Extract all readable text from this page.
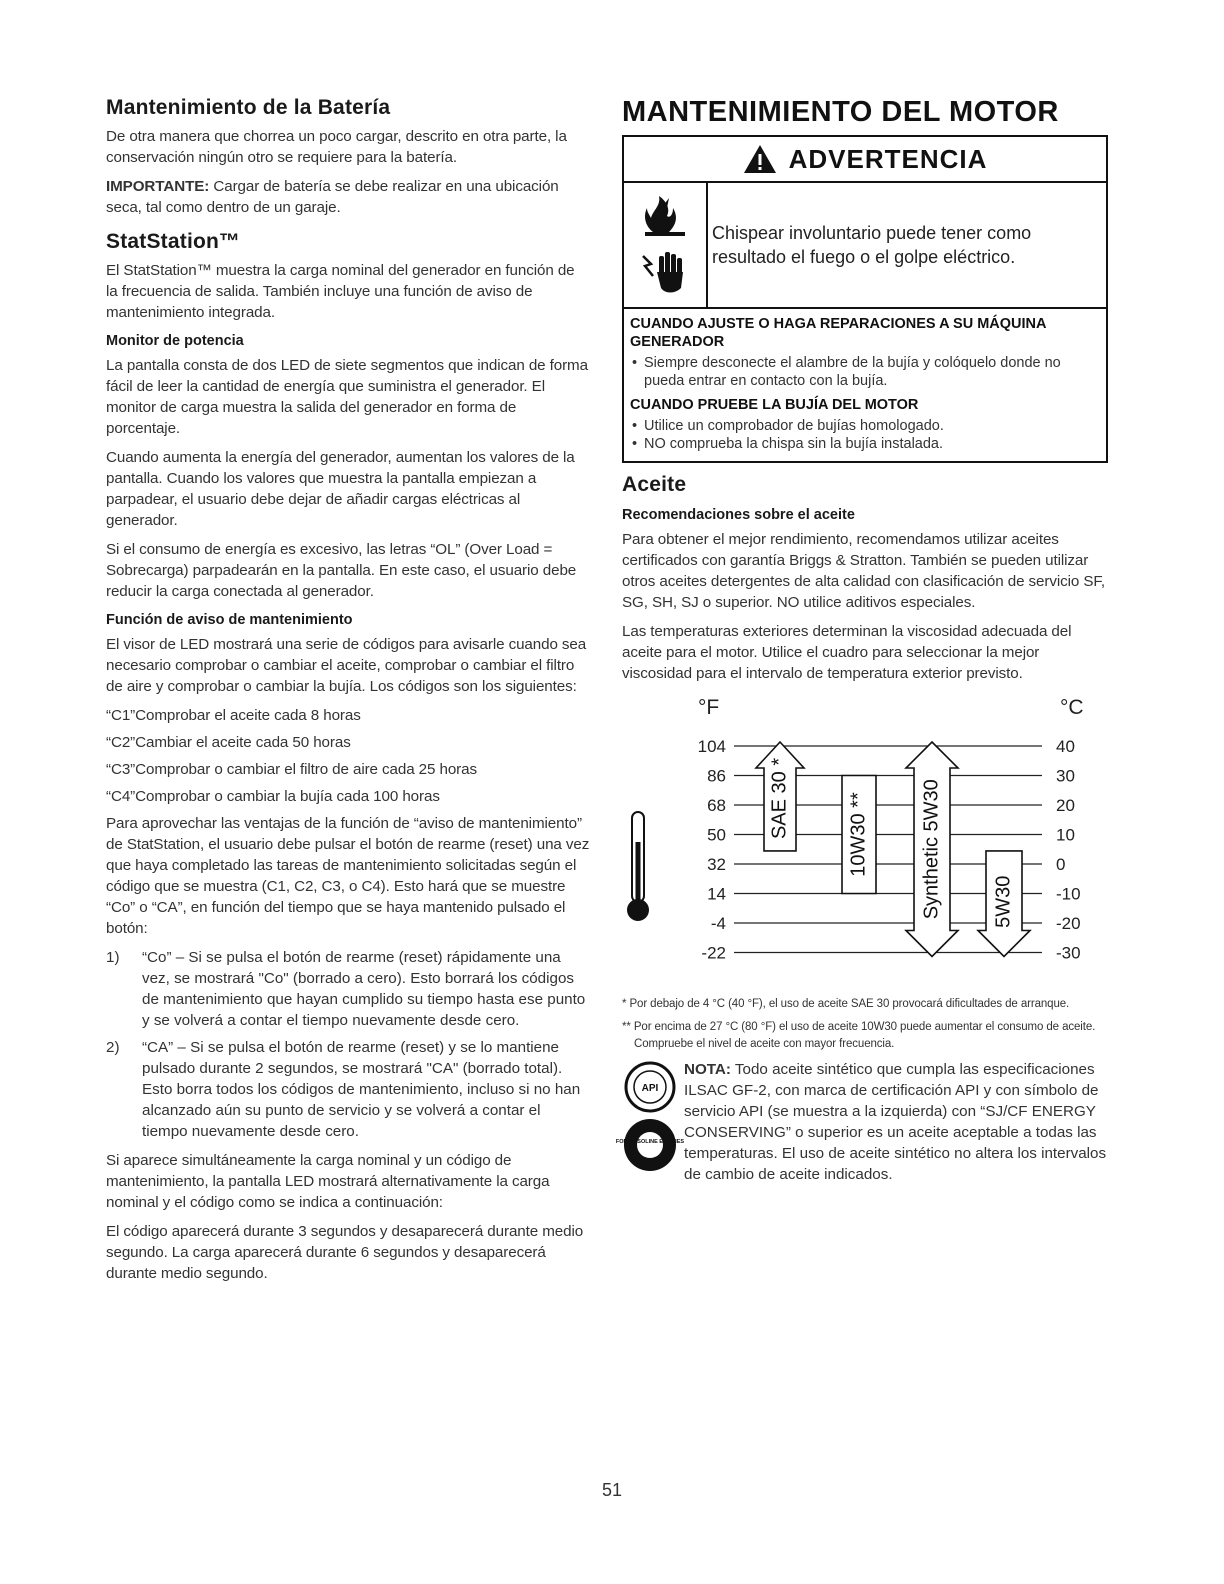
Mantenimiento de la Batería

De otra manera que chorrea un poco cargar, descrito en otra parte, la conservación ningún otro se requiere para la batería.

IMPORTANTE: Cargar de batería se debe realizar en una ubicación seca, tal como dentro de un garaje.

StatStation™

El StatStation™ muestra la carga nominal del generador en función de la frecuencia de salida. También incluye una función de aviso de mantenimiento integrada.

Monitor de potencia

La pantalla consta de dos LED de siete segmentos que indican de forma fácil de leer la cantidad de energía que suministra el generador. El monitor de carga muestra la salida del generador en forma de porcentaje.

Cuando aumenta la energía del generador, aumentan los valores de la pantalla. Cuando los valores que muestra la pantalla empiezan a parpadear, el usuario debe dejar de añadir cargas eléctricas al generador.

Si el consumo de energía es excesivo, las letras “OL” (Over Load = Sobrecarga) parpadearán en la pantalla. En este caso, el usuario debe reducir la carga conectada al generador.

Función de aviso de mantenimiento

El visor de LED mostrará una serie de códigos para avisarle cuando sea necesario comprobar o cambiar el aceite, comprobar o cambiar el filtro de aire y comprobar o cambiar la bujía. Los códigos son los siguientes:

“C1”Comprobar el aceite cada 8 horas

“C2”Cambiar el aceite cada 50 horas

“C3”Comprobar o cambiar el filtro de aire cada 25 horas

“C4”Comprobar o cambiar la bujía cada 100 horas

Para aprovechar las ventajas de la función de “aviso de mantenimiento” de StatStation, el usuario debe pulsar el botón de rearme (reset) una vez que haya completado las tareas de mantenimiento solicitadas según el código que se muestra (C1, C2, C3, o C4). Esto hará que se muestre “Co” o “CA”, en función del tiempo que se haya mantenido pulsado el botón:

1) “Co” – Si se pulsa el botón de rearme (reset) rápidamente una vez, se mostrará "Co" (borrado a cero). Esto borrará los códigos de mantenimiento que hayan cumplido su tiempo hasta ese punto y se volverá a contar el tiempo nuevamente desde cero.
2) “CA” – Si se pulsa el botón de rearme (reset) y se lo mantiene pulsado durante 2 segundos, se mostrará "CA" (borrado total). Esto borra todos los códigos de mantenimiento, incluso si no han alcanzado aún su punto de servicio y se volverá a contar el tiempo nuevamente desde cero.

Si aparece simultáneamente la carga nominal y un código de mantenimiento, la pantalla LED mostrará alternativamente la carga nominal y el código como se indica a continuación:

El código aparecerá durante 3 segundos y desaparecerá durante medio segundo. La carga aparecerá durante 6 segundos y desaparecerá durante medio segundo.

MANTENIMIENTO DEL MOTOR
ADVERTENCIA
Chispear involuntario puede tener como resultado el fuego o el golpe eléctrico.
CUANDO AJUSTE O HAGA REPARACIONES A SU MÁQUINA GENERADOR
• Siempre desconecte el alambre de la bujía y colóquelo donde no pueda entrar en contacto con la bujía.
CUANDO PRUEBE LA BUJÍA DEL MOTOR
• Utilice un comprobador de bujías homologado.
• NO comprueba la chispa sin la bujía instalada.
Aceite
Recomendaciones sobre el aceite

Para obtener el mejor rendimiento, recomendamos utilizar aceites certificados con garantía Briggs & Stratton. También se pueden utilizar otros aceites detergentes de alta calidad con clasificación de servicio SF, SG, SH, SJ o superior. NO utilice aditivos especiales.

Las temperaturas exteriores determinan la viscosidad adecuada del aceite para el motor. Utilice el cuadro para seleccionar la mejor viscosidad para el intervalo de temperatura exterior previsto.

°F	°C
104	40
86	30
68	20
50	10
32	0
14	-10
-4	-20
-22	-30
SAE 30 *	10W30 **	Synthetic 5W30	5W30

* Por debajo de 4 °C (40 °F), el uso de aceite SAE 30 provocará dificultades de arranque.

** Por encima de 27 °C (80 °F) el uso de aceite 10W30 puede aumentar el consumo de aceite. Compruebe el nivel de aceite con mayor frecuencia.

API
FOR GASOLINE ENGINES
NOTA: Todo aceite sintético que cumpla las especificaciones ILSAC GF-2, con marca de certificación API y con símbolo de servicio API (se muestra a la izquierda) con “SJ/CF ENERGY CONSERVING” o superior es un aceite aceptable a todas las temperaturas. El uso de aceite sintético no altera los intervalos de cambio de aceite indicados.
51
